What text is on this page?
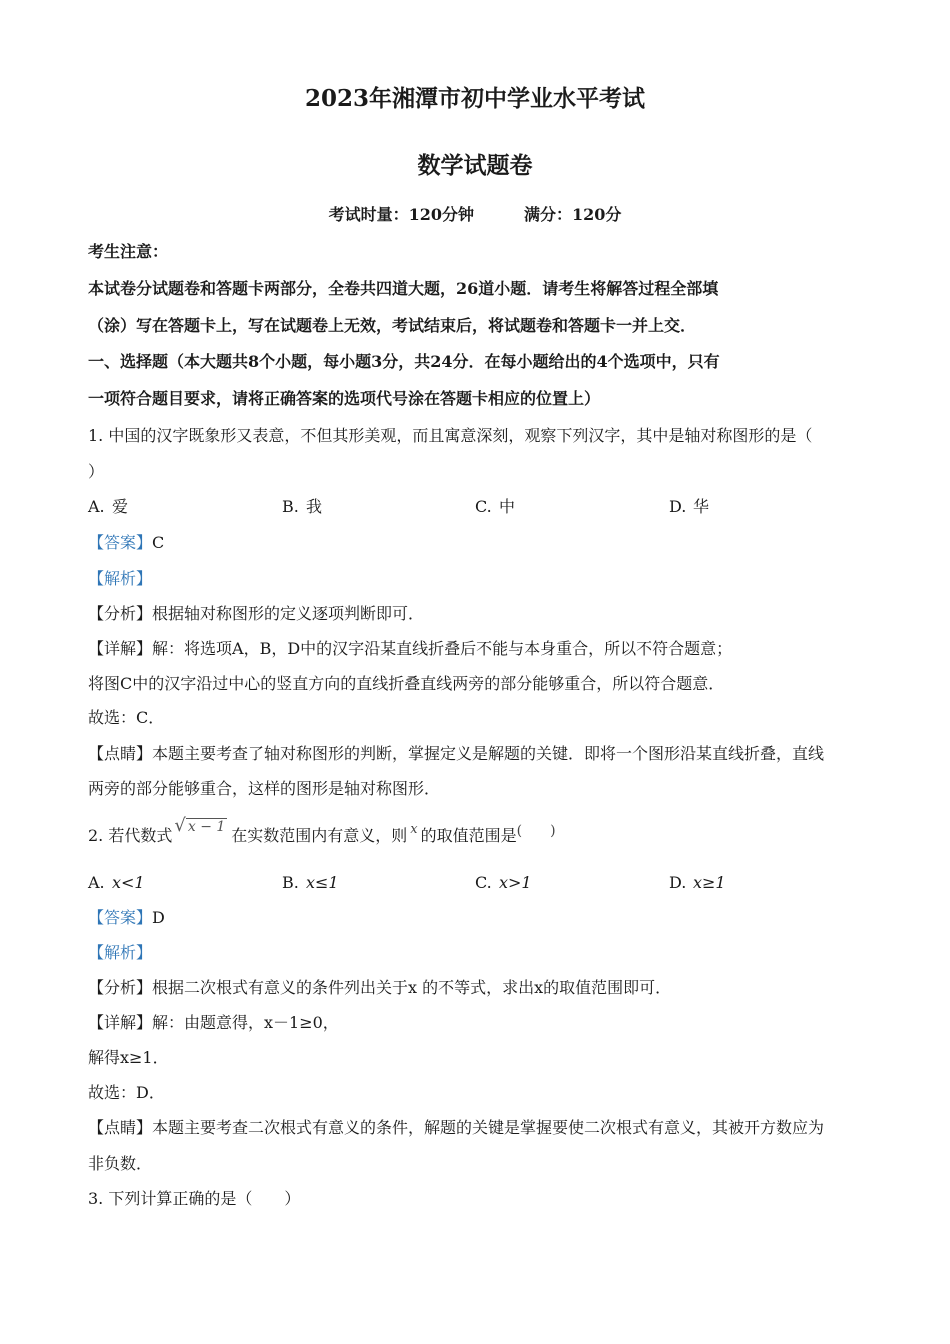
2023年湘潭市初中学业水平考试
数学试题卷
考试时量：120分钟	满分：120分
考生注意：
本试卷分试题卷和答题卡两部分，全卷共四道大题，26道小题．请考生将解答过程全部填
（涂）写在答题卡上，写在试题卷上无效，考试结束后，将试题卷和答题卡一并上交．
一、选择题（本大题共8个小题，每小题3分，共24分．在每小题给出的4个选项中，只有
一项符合题目要求，请将正确答案的选项代号涂在答题卡相应的位置上）
1. 中国的汉字既象形又表意，不但其形美观，而且寓意深刻，观察下列汉字，其中是轴对称图形的是（
）
A. 爱	B. 我	C. 中	D. 华
【答案】C
【解析】
【分析】根据轴对称图形的定义逐项判断即可．
【详解】解：将选项A，B，D中的汉字沿某直线折叠后不能与本身重合，所以不符合题意；
将图C中的汉字沿过中心的竖直方向的直线折叠直线两旁的部分能够重合，所以符合题意．
故选：C．
【点睛】本题主要考查了轴对称图形的判断，掌握定义是解题的关键．即将一个图形沿某直线折叠，直线
两旁的部分能够重合，这样的图形是轴对称图形．
2. 若代数式 √ x − 1 在实数范围内有意义，则 $^x$ 的取值范围是(　　)
A. x<1	B. x≤1	C. x>1	D. x≥1
【答案】D
【解析】
【分析】根据二次根式有意义的条件列出关于x 的不等式，求出x的取值范围即可．
【详解】解：由题意得，x－1≥0，
解得x≥1．
故选：D．
【点睛】本题主要考查二次根式有意义的条件，解题的关键是掌握要使二次根式有意义，其被开方数应为
非负数．
3. 下列计算正确的是（　　）
